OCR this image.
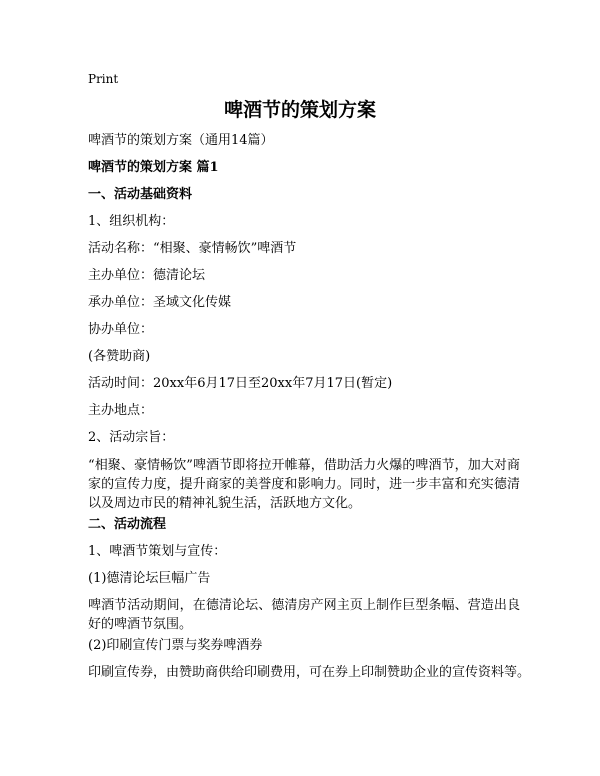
Print
啤酒节的策划方案
啤酒节的策划方案（通用14篇）
啤酒节的策划方案 篇1
一、活动基础资料
1、组织机构：
活动名称：“相聚、豪情畅饮”啤酒节
主办单位：德清论坛
承办单位：圣域文化传媒
协办单位：
(各赞助商)
活动时间：20xx年6月17日至20xx年7月17日(暂定)
主办地点：
2、活动宗旨：
“相聚、豪情畅饮”啤酒节即将拉开帷幕，借助活力火爆的啤酒节，加大对商家的宣传力度，提升商家的美誉度和影响力。同时，进一步丰富和充实德清以及周边市民的精神礼貌生活，活跃地方文化。
二、活动流程
1、啤酒节策划与宣传：
(1)德清论坛巨幅广告
啤酒节活动期间，在德清论坛、德清房产网主页上制作巨型条幅、营造出良好的啤酒节氛围。
(2)印刷宣传门票与奖券啤酒券
印刷宣传券，由赞助商供给印刷费用，可在券上印制赞助企业的宣传资料等。
